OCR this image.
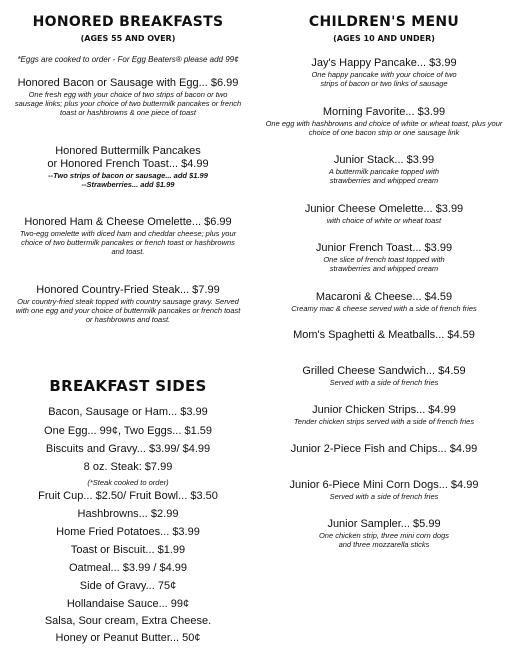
HONORED BREAKFASTS
(AGES 55 AND OVER)
*Eggs are cooked to order - For Egg Beaters® please add 99¢
Honored Bacon or Sausage with Egg... $6.99
One fresh egg with your choice of two strips of bacon or two sausage links; plus your choice of two buttermilk pancakes or french toast or hashbrowns & one piece of toast
Honored Buttermilk Pancakes
or Honored French Toast... $4.99
--Two strips of bacon or sausage... add $1.99
--Strawberries... add $1.99
Honored Ham & Cheese Omelette... $6.99
Two-egg omelette with diced ham and cheddar cheese; plus your choice of two buttermilk pancakes or french toast or hashbrowns and toast.
Honored Country-Fried Steak... $7.99
Our country-fried steak topped with country sausage gravy. Served with one egg and your choice of buttermilk pancakes or french toast or hashbrowns and toast.
BREAKFAST SIDES
Bacon, Sausage or Ham... $3.99
One Egg... 99¢, Two Eggs... $1.59
Biscuits and Gravy... $3.99/ $4.99
8 oz. Steak: $7.99
(*Steak cooked to order)
Fruit Cup... $2.50/ Fruit Bowl... $3.50
Hashbrowns... $2.99
Home Fried Potatoes... $3.99
Toast or Biscuit... $1.99
Oatmeal... $3.99 / $4.99
Side of Gravy... 75¢
Hollandaise Sauce... 99¢
Salsa, Sour cream, Extra Cheese.
Honey or Peanut Butter... 50¢
CHILDREN'S MENU
(AGES 10 AND UNDER)
Jay's Happy Pancake... $3.99
One happy pancake with your choice of two strips of bacon or two links of sausage
Morning Favorite... $3.99
One egg with hashbrowns and choice of white or wheat toast, plus your choice of one bacon strip or one sausage link
Junior Stack... $3.99
A buttermilk pancake topped with strawberries and whipped cream
Junior Cheese Omelette... $3.99
with choice of white or wheat toast
Junior French Toast... $3.99
One slice of french toast topped with strawberries and whipped cream
Macaroni & Cheese... $4.59
Creamy mac & cheese served with a side of french fries
Mom's Spaghetti & Meatballs... $4.59
Grilled Cheese Sandwich... $4.59
Served with a side of french fries
Junior Chicken Strips... $4.99
Tender chicken strips served with a side of french fries
Junior 2-Piece Fish and Chips... $4.99
Junior 6-Piece Mini Corn Dogs... $4.99
Served with a side of french fries
Junior Sampler... $5.99
One chicken strip, three mini corn dogs and three mozzarella sticks
